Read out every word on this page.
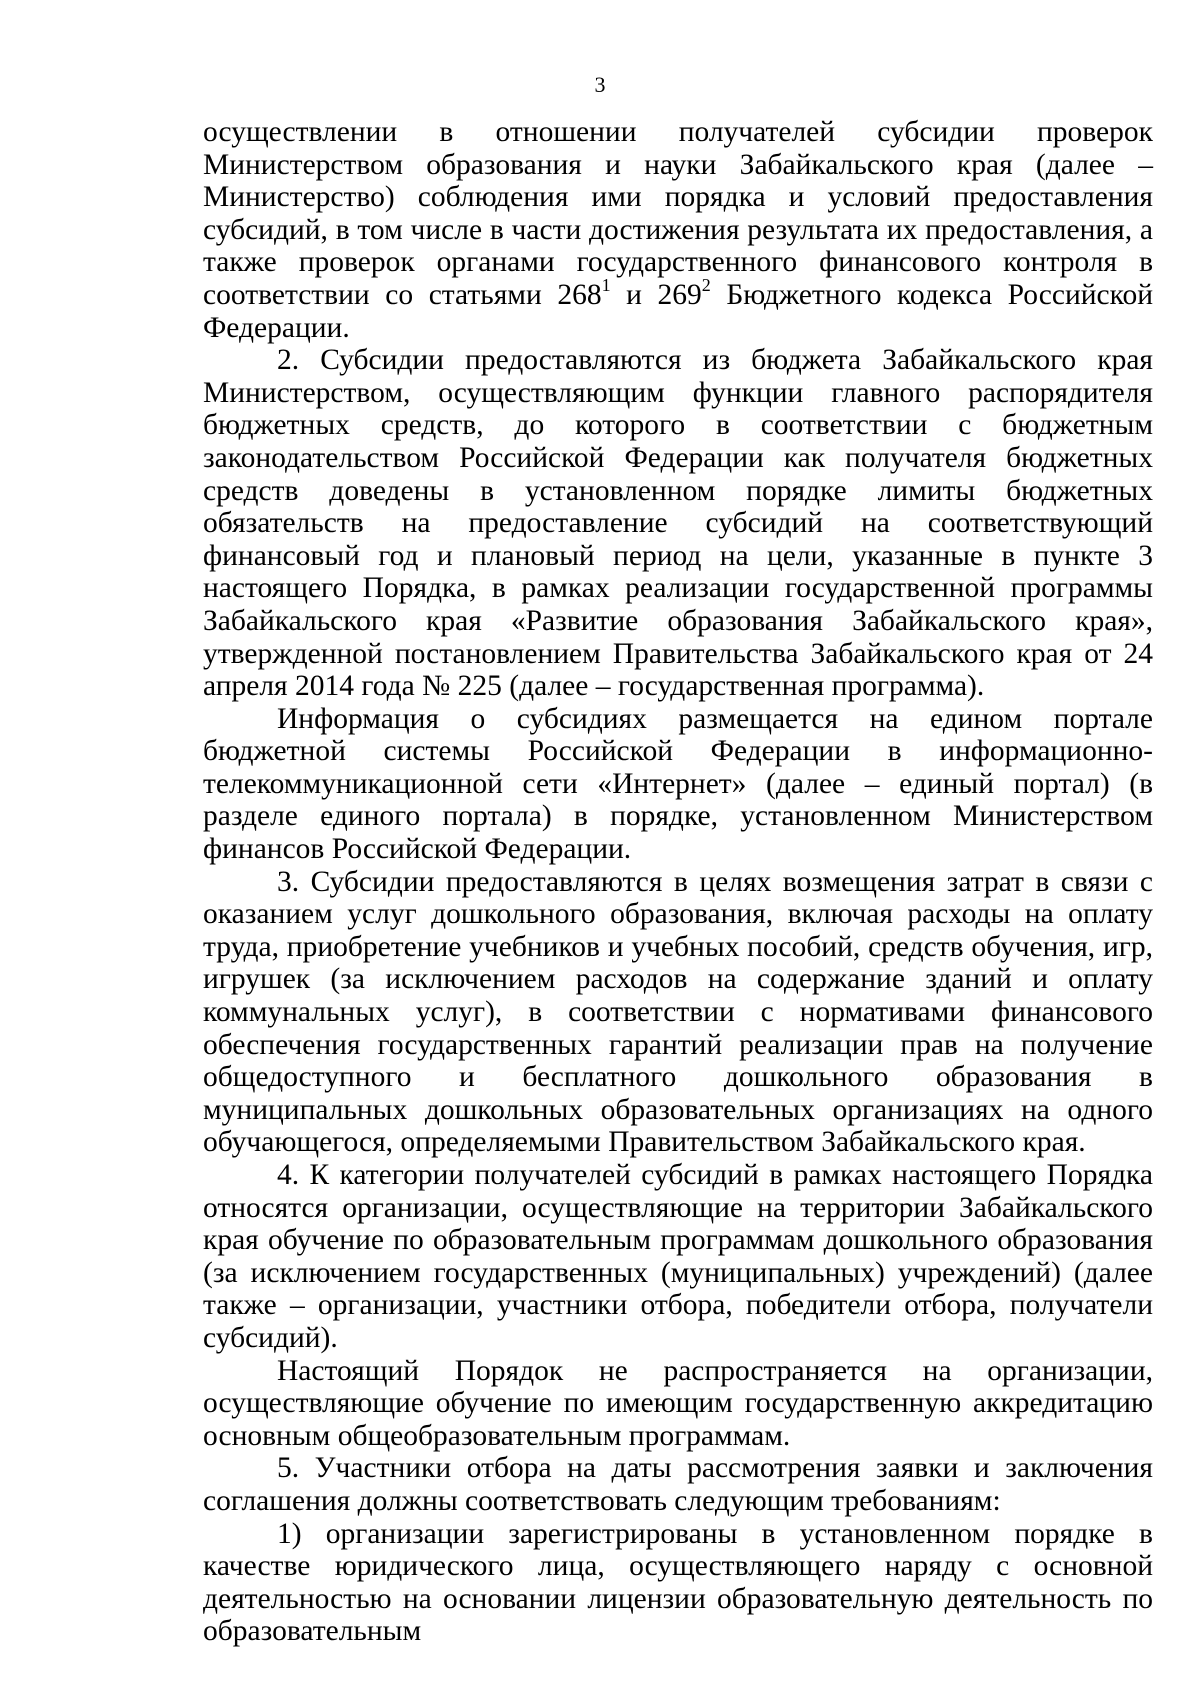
3

осуществлении в отношении получателей субсидии проверок Министерством образования и науки Забайкальского края (далее – Министерство) соблюдения ими порядка и условий предоставления субсидий, в том числе в части достижения результата их предоставления, а также проверок органами государственного финансового контроля в соответствии со статьями $268^1$ и $269^2$ Бюджетного кодекса Российской Федерации.

2. Субсидии предоставляются из бюджета Забайкальского края Министерством, осуществляющим функции главного распорядителя бюджетных средств, до которого в соответствии с бюджетным законодательством Российской Федерации как получателя бюджетных средств доведены в установленном порядке лимиты бюджетных обязательств на предоставление субсидий на соответствующий финансовый год и плановый период на цели, указанные в пункте 3 настоящего Порядка, в рамках реализации государственной программы Забайкальского края «Развитие образования Забайкальского края», утвержденной постановлением Правительства Забайкальского края от 24 апреля 2014 года № 225 (далее – государственная программа).

Информация о субсидиях размещается на едином портале бюджетной системы Российской Федерации в информационно-телекоммуникационной сети «Интернет» (далее – единый портал) (в разделе единого портала) в порядке, установленном Министерством финансов Российской Федерации.

3. Субсидии предоставляются в целях возмещения затрат в связи с оказанием услуг дошкольного образования, включая расходы на оплату труда, приобретение учебников и учебных пособий, средств обучения, игр, игрушек (за исключением расходов на содержание зданий и оплату коммунальных услуг), в соответствии с нормативами финансового обеспечения государственных гарантий реализации прав на получение общедоступного и бесплатного дошкольного образования в муниципальных дошкольных образовательных организациях на одного обучающегося, определяемыми Правительством Забайкальского края.

4. К категории получателей субсидий в рамках настоящего Порядка относятся организации, осуществляющие на территории Забайкальского края обучение по образовательным программам дошкольного образования (за исключением государственных (муниципальных) учреждений) (далее также – организации, участники отбора, победители отбора, получатели субсидий).

Настоящий Порядок не распространяется на организации, осуществляющие обучение по имеющим государственную аккредитацию основным общеобразовательным программам.

5. Участники отбора на даты рассмотрения заявки и заключения соглашения должны соответствовать следующим требованиям:

1) организации зарегистрированы в установленном порядке в качестве юридического лица, осуществляющего наряду с основной деятельностью на основании лицензии образовательную деятельность по образовательным
